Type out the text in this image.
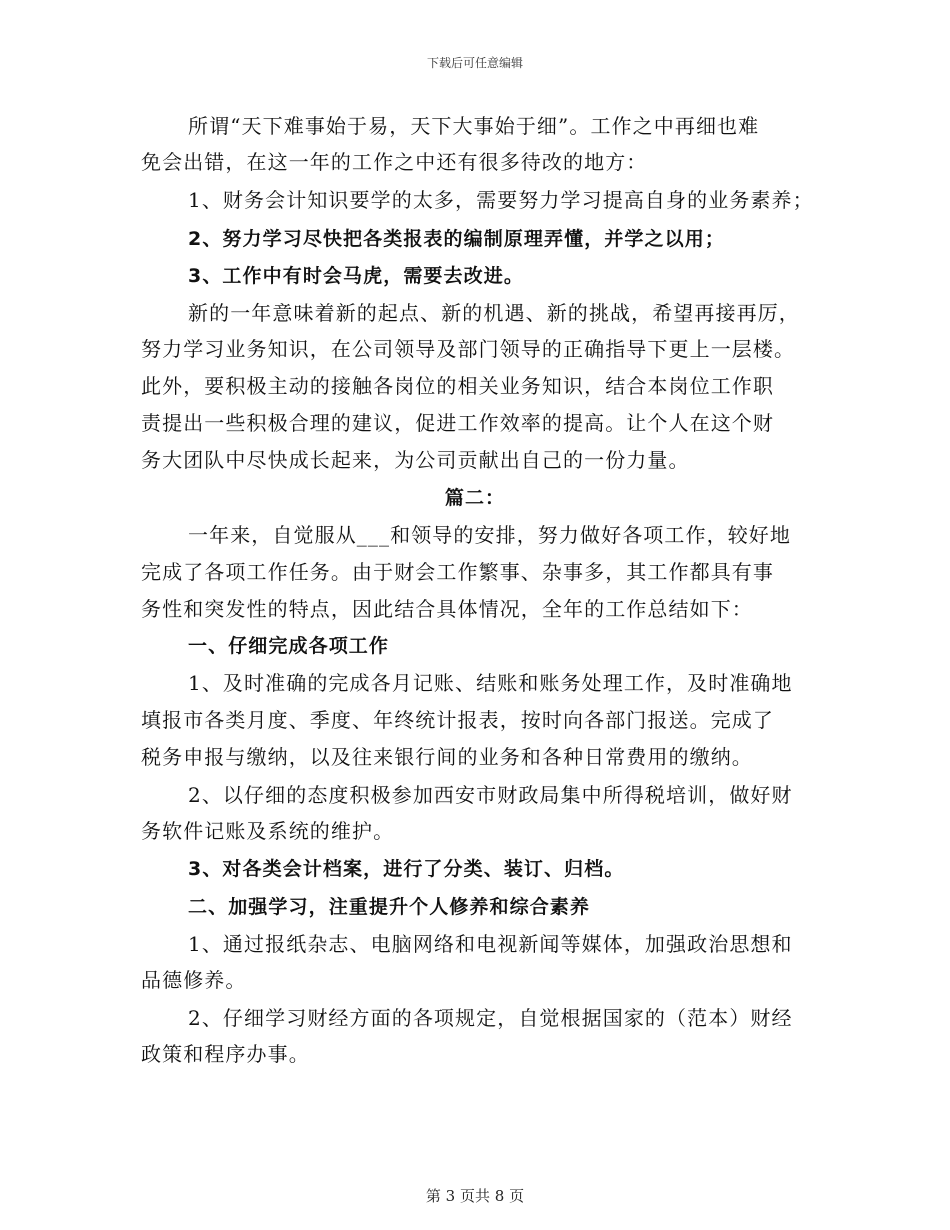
下载后可任意编辑
所谓“天下难事始于易，天下大事始于细”。工作之中再细也难
免会出错，在这一年的工作之中还有很多待改的地方：
1、财务会计知识要学的太多，需要努力学习提高自身的业务素养；
2、努力学习尽快把各类报表的编制原理弄懂，并学之以用；
3、工作中有时会马虎，需要去改进。
新的一年意味着新的起点、新的机遇、新的挑战，希望再接再厉，
努力学习业务知识，在公司领导及部门领导的正确指导下更上一层楼。
此外，要积极主动的接触各岗位的相关业务知识，结合本岗位工作职
责提出一些积极合理的建议，促进工作效率的提高。让个人在这个财
务大团队中尽快成长起来，为公司贡献出自己的一份力量。
篇二：
一年来，自觉服从___和领导的安排，努力做好各项工作，较好地
完成了各项工作任务。由于财会工作繁事、杂事多，其工作都具有事
务性和突发性的特点，因此结合具体情况，全年的工作总结如下：
一、仔细完成各项工作
1、及时准确的完成各月记账、结账和账务处理工作，及时准确地
填报市各类月度、季度、年终统计报表，按时向各部门报送。完成了
税务申报与缴纳，以及往来银行间的业务和各种日常费用的缴纳。
2、以仔细的态度积极参加西安市财政局集中所得税培训，做好财
务软件记账及系统的维护。
3、对各类会计档案，进行了分类、装订、归档。
二、加强学习，注重提升个人修养和综合素养
1、通过报纸杂志、电脑网络和电视新闻等媒体，加强政治思想和
品德修养。
2、仔细学习财经方面的各项规定，自觉根据国家的（范本）财经
政策和程序办事。
第 3 页共 8 页
